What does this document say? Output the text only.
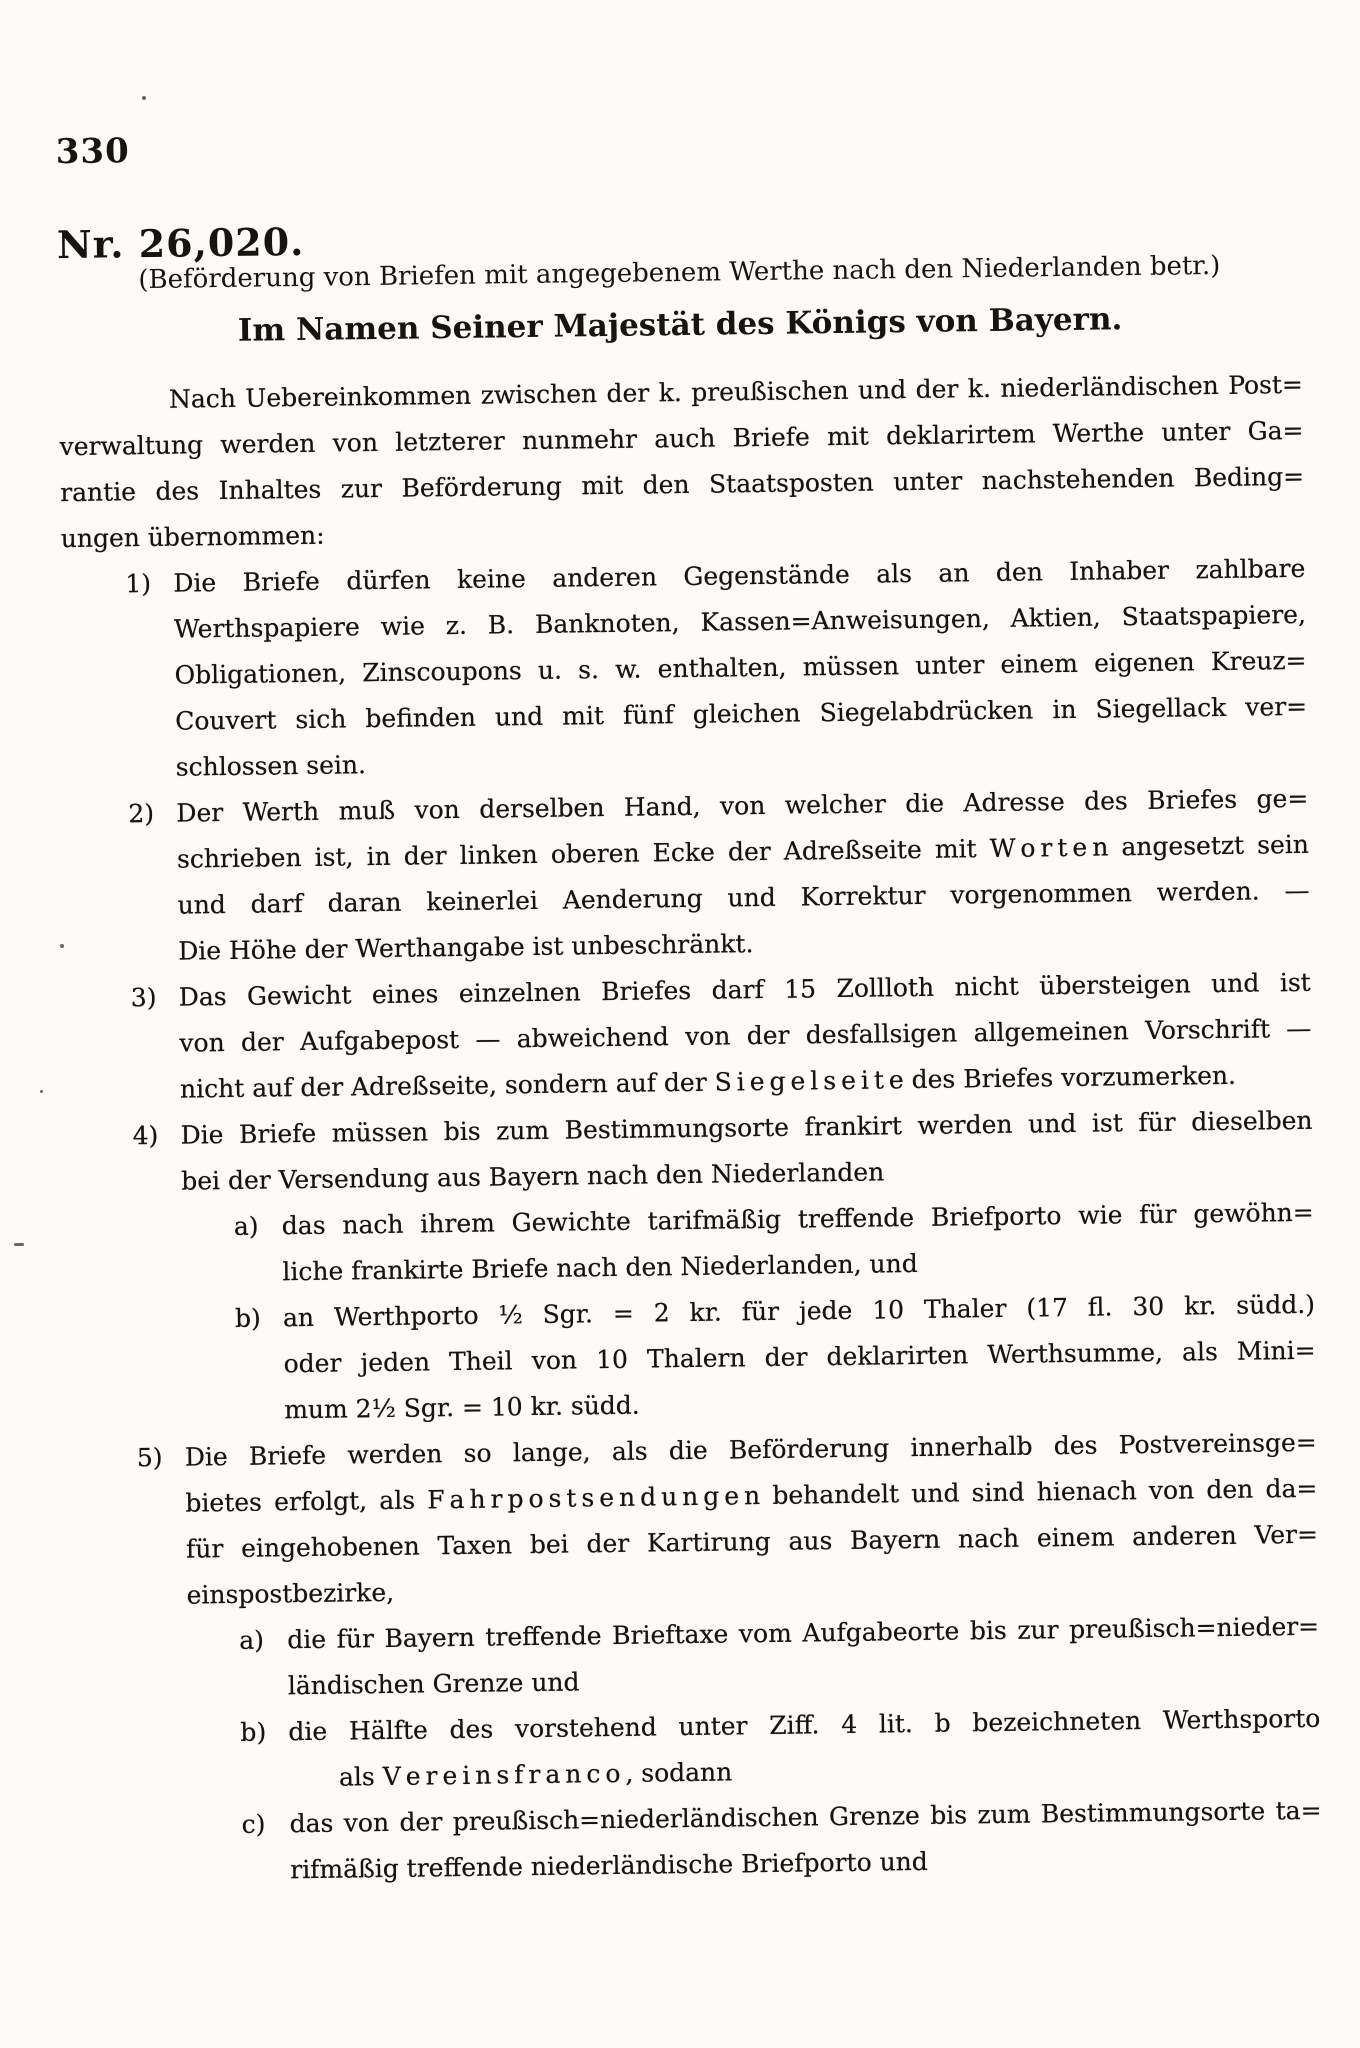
330
Nr. 26,020.
(Beförderung von Briefen mit angegebenem Werthe nach den Niederlanden betr.)
Im Namen Seiner Majestät des Königs von Bayern.
Nach Uebereinkommen zwischen der k. preußischen und der k. niederländischen Post=
verwaltung werden von letzterer nunmehr auch Briefe mit deklarirtem Werthe unter Ga=
rantie des Inhaltes zur Beförderung mit den Staatsposten unter nachstehenden Beding=
ungen übernommen:
1) Die Briefe dürfen keine anderen Gegenstände als an den Inhaber zahlbare
Werthspapiere wie z. B. Banknoten, Kassen=Anweisungen, Aktien, Staatspapiere,
Obligationen, Zinscoupons u. s. w. enthalten, müssen unter einem eigenen Kreuz=
Couvert sich befinden und mit fünf gleichen Siegelabdrücken in Siegellack ver=
schlossen sein.
2) Der Werth muß von derselben Hand, von welcher die Adresse des Briefes ge=
schrieben ist, in der linken oberen Ecke der Adreßseite mit W o r t e n angesetzt sein
und darf daran keinerlei Aenderung und Korrektur vorgenommen werden. —
Die Höhe der Werthangabe ist unbeschränkt.
3) Das Gewicht eines einzelnen Briefes darf 15 Zollloth nicht übersteigen und ist
von der Aufgabepost — abweichend von der desfallsigen allgemeinen Vorschrift —
nicht auf der Adreßseite, sondern auf der S i e g e l s e i t e des Briefes vorzumerken.
4) Die Briefe müssen bis zum Bestimmungsorte frankirt werden und ist für dieselben
bei der Versendung aus Bayern nach den Niederlanden
a) das nach ihrem Gewichte tarifmäßig treffende Briefporto wie für gewöhn=
liche frankirte Briefe nach den Niederlanden, und
b) an Werthporto ½ Sgr. = 2 kr. für jede 10 Thaler (17 fl. 30 kr. südd.)
oder jeden Theil von 10 Thalern der deklarirten Werthsumme, als Mini=
mum 2½ Sgr. = 10 kr. südd.
5) Die Briefe werden so lange, als die Beförderung innerhalb des Postvereinsge=
bietes erfolgt, als F a h r p o s t s e n d u n g e n behandelt und sind hienach von den da=
für eingehobenen Taxen bei der Kartirung aus Bayern nach einem anderen Ver=
einspostbezirke,
a) die für Bayern treffende Brieftaxe vom Aufgabeorte bis zur preußisch=nieder=
ländischen Grenze und
b) die Hälfte des vorstehend unter Ziff. 4 lit. b bezeichneten Werthsporto
  als V e r e i n s f r a n c o , sodann
c) das von der preußisch=niederländischen Grenze bis zum Bestimmungsorte ta=
rifmäßig treffende niederländische Briefporto und
